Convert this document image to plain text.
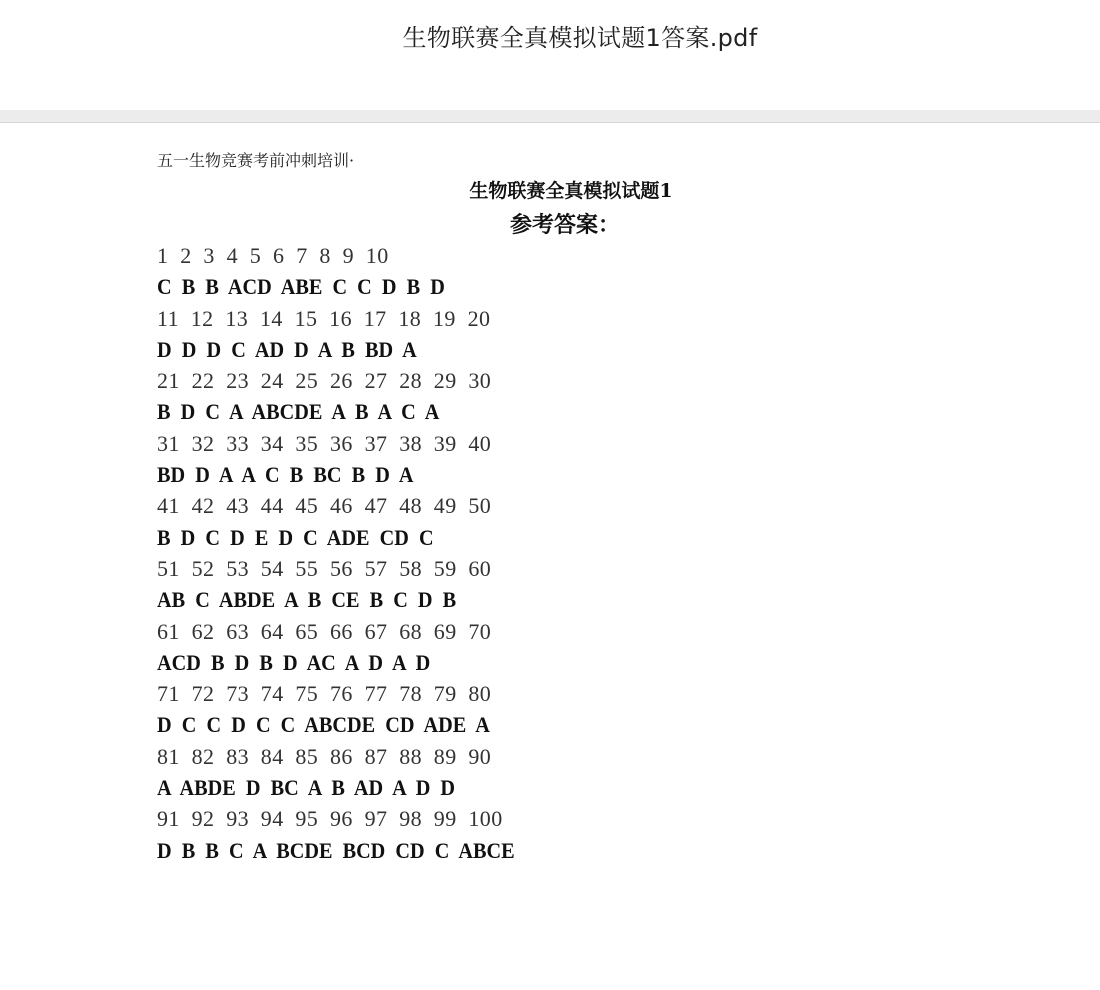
生物联赛全真模拟试题1答案.pdf
五一生物竞赛考前冲刺培训·
生物联赛全真模拟试题1
参考答案：
1  2  3  4  5  6  7  8  9  10
C  B  B  ACD  ABE  C  C  D  B  D
11  12  13  14  15  16  17  18  19  20
D  D  D  C  AD  D  A  B  BD  A
21  22  23  24  25  26  27  28  29  30
B  D  C  A  ABCDE  A  B  A  C  A
31  32  33  34  35  36  37  38  39  40
BD  D  A  A  C  B  BC  B  D  A
41  42  43  44  45  46  47  48  49  50
B  D  C  D  E  D  C  ADE  CD  C
51  52  53  54  55  56  57  58  59  60
AB  C  ABDE  A  B  CE  B  C  D  B
61  62  63  64  65  66  67  68  69  70
ACD  B  D  B  D  AC  A  D  A  D
71  72  73  74  75  76  77  78  79  80
D  C  C  D  C  C  ABCDE  CD  ADE  A
81  82  83  84  85  86  87  88  89  90
A  ABDE  D  BC  A  B  AD  A  D  D
91  92  93  94  95  96  97  98  99  100
D  B  B  C  A  BCDE  BCD  CD  C  ABCE
